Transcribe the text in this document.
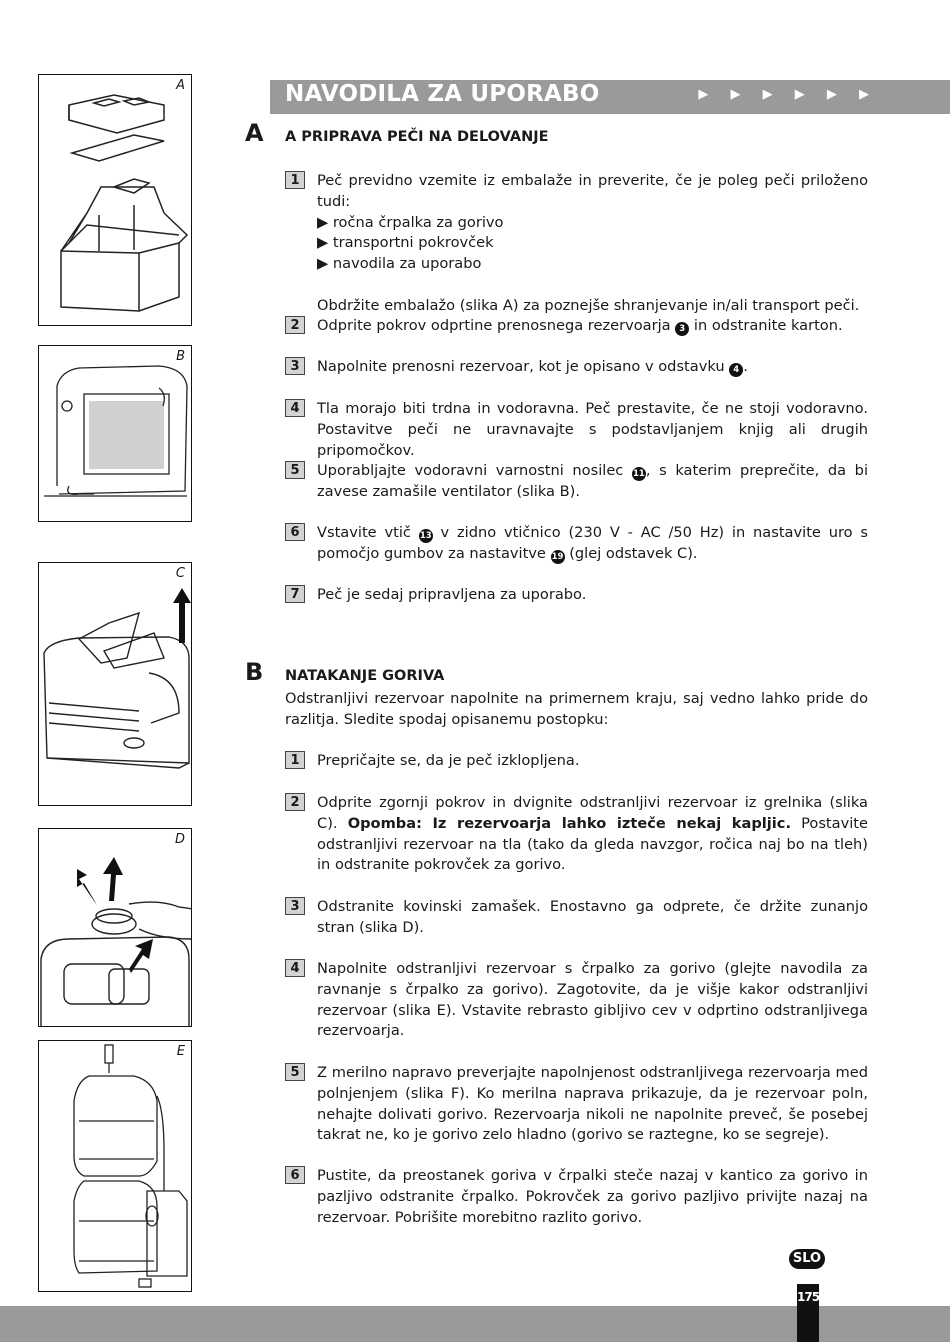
A
B
C
D
E
NAVODILA ZA UPORABO	▶ ▶ ▶ ▶ ▶ ▶
A A PRIPRAVA PEČI NA DELOVANJE
1	Peč previdno vzemite iz embalaže in preverite, če je poleg peči priloženo tudi:
▶ ročna črpalka za gorivo
▶ transportni pokrovček
▶ navodila za uporabo
Obdržite embalažo (slika A) za poznejše shranjevanje in/ali transport peči.
2	Odprite pokrov odprtine prenosnega rezervoarja 3 in odstranite karton.
3	Napolnite prenosni rezervoar, kot je opisano v odstavku 4 .
4	Tla morajo biti trdna in vodoravna. Peč prestavite, če ne stoji vodoravno. Postavitve peči ne uravnavajte s podstavljanjem knjig ali drugih pripomočkov.
5	Uporabljajte vodoravni varnostni nosilec 11, s katerim preprečite, da bi zavese zamašile ventilator (slika B).
6	Vstavite vtič 13 v zidno vtičnico (230 V - AC /50 Hz) in nastavite uro s pomočjo gumbov za nastavitve 19 (glej odstavek C).
7	Peč je sedaj pripravljena za uporabo.
B NATAKANJE GORIVA
Odstranljivi rezervoar napolnite na primernem kraju, saj vedno lahko pride do razlitja. Sledite spodaj opisanemu postopku:
1	Prepričajte se, da je peč izklopljena.
2	Odprite zgornji pokrov in dvignite odstranljivi rezervoar iz grelnika (slika C). Opomba: Iz rezervoarja lahko izteče nekaj kapljic. Postavite odstranljivi rezervoar na tla (tako da gleda navzgor, ročica naj bo na tleh) in odstranite pokrovček za gorivo.
3	Odstranite kovinski zamašek. Enostavno ga odprete, če držite zunanjo stran (slika D).
4	Napolnite odstranljivi rezervoar s črpalko za gorivo (glejte navodila za ravnanje s črpalko za gorivo). Zagotovite, da je višje kakor odstranljivi rezervoar (slika E). Vstavite rebrasto gibljivo cev v odprtino odstranljivega rezervoarja.
5	Z merilno napravo preverjajte napolnjenost odstranljivega rezervoarja med polnjenjem (slika F). Ko merilna naprava prikazuje, da je rezervoar poln, nehajte dolivati gorivo. Rezervoarja nikoli ne napolnite preveč, še posebej takrat ne, ko je gorivo zelo hladno (gorivo se raztegne, ko se segreje).
6	Pustite, da preostanek goriva v črpalki steče nazaj v kantico za gorivo in pazljivo odstranite črpalko. Pokrovček za gorivo pazljivo privijte nazaj na rezervoar. Pobrišite morebitno razlito gorivo.
SLO
175
